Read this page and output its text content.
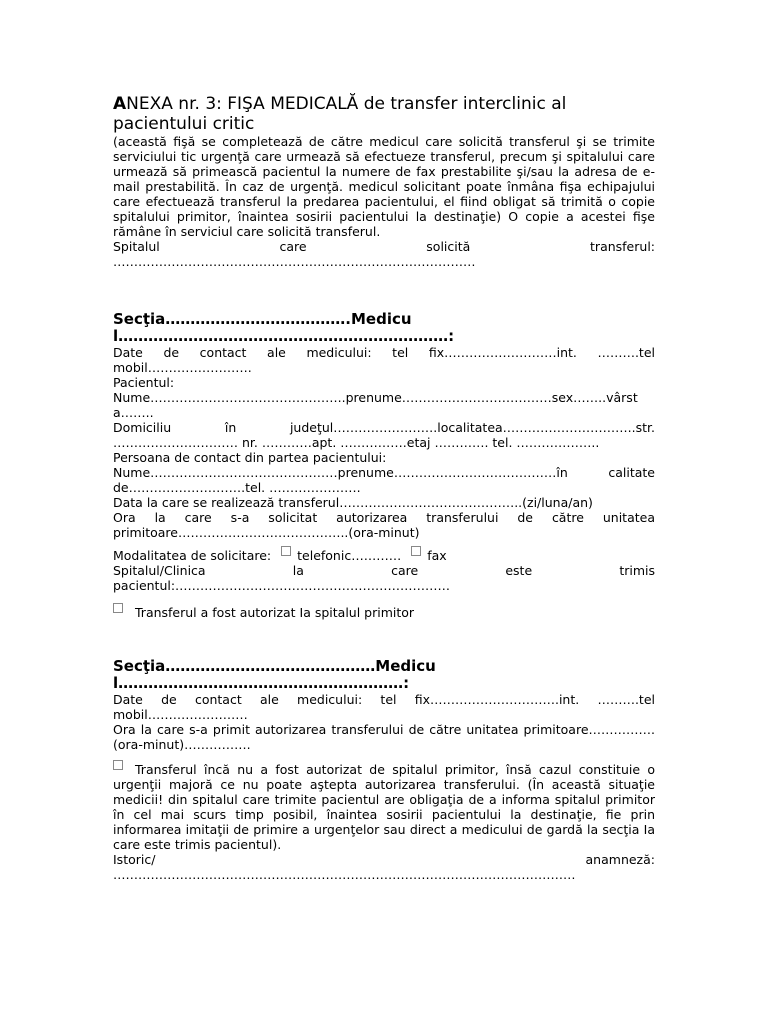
ANEXA nr. 3: FIŞA MEDICALĂ de transfer interclinic al pacientului critic
(această fişă se completează de către medicul care solicită transferul şi se trimite serviciului tic urgenţă care urmează să efectueze transferul, precum şi spitalului care urmează să primească pacientul la numere de fax prestabilite şi/sau la adresa de e-mail prestabilită. În caz de urgenţă. medicul solicitant poate înmâna fişa echipajului care efectuează transferul la predarea pacientului, el fiind obligat să trimită o copie spitalului primitor, înaintea sosirii pacientului la destinaţie) O copie a acestei fişe rămâne în serviciul care solicită transferul.
Spitalul care solicită transferul:
……………………………………………………………………………
Secţia……………………………….Medicul…………………………………………………………:
Date de contact ale medicului: tel fix………………………int. ……….tel mobil…………………….
Pacientul:
Nume………………………………………..prenume………………………………sex……..vârsta……..
Domiciliu în judeţul…………………….localitatea…………………………..str. ………………………… nr. …………apt. …………….etaj …………. tel. ………………..
Persoana de contact din partea pacientului:
Nume………………………………………prenume…………………………………în calitate de……………………….tel. ………………….
Data la care se realizează transferul……………………………………..(zi/luna/an)
Ora la care s-a solicitat autorizarea transferului de către unitatea primitoare…………………………………..(ora-minut)
Modalitatea de solicitare: telefonic………… fax
Spitalul/Clinica la care este trimis pacientul:…………………………………………………………
Transferul a fost autorizat Ia spitalul primitor
Secţia……………………………………Medicul…………………………………………………:
Date de contact ale medicului: tel fix………………………….int. ……….tel mobil……………………
Ora la care s-a primit autorizarea transferului de către unitatea primitoare…………….(ora-minut)…………….
Transferul încă nu a fost autorizat de spitalul primitor, însă cazul constituie o urgenţii majoră ce nu poate aştepta autorizarea transferului. (În această situaţie medicii! din spitalul care trimite pacientul are obligaţia de a informa spitalul primitor în cel mai scurs timp posibil, înaintea sosirii pacientului la destinaţie, fie prin informarea imitaţii de primire a urgenţelor sau direct a medicului de gardă la secţia Ia care este trimis pacientul).
Istoric/ anamneză:
…………………………………………………………………………………………………
